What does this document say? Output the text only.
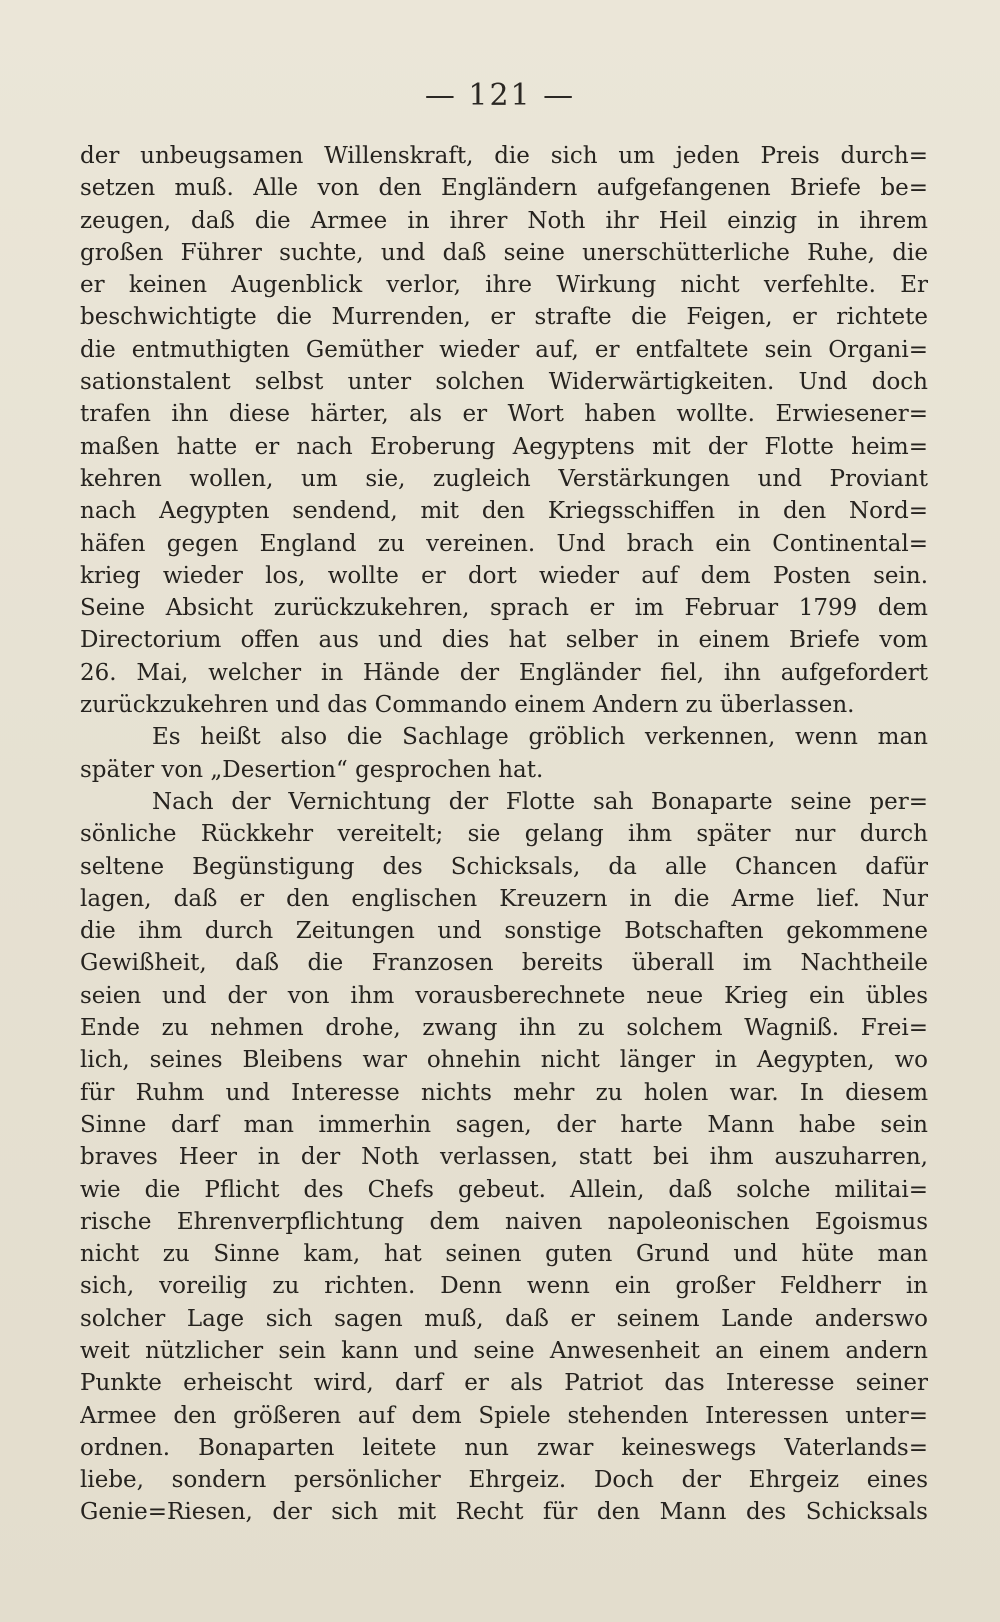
— 121 —
der unbeugsamen Willenskraft, die sich um jeden Preis durch=
setzen muß. Alle von den Engländern aufgefangenen Briefe be=
zeugen, daß die Armee in ihrer Noth ihr Heil einzig in ihrem
großen Führer suchte, und daß seine unerschütterliche Ruhe, die
er keinen Augenblick verlor, ihre Wirkung nicht verfehlte. Er
beschwichtigte die Murrenden, er strafte die Feigen, er richtete
die entmuthigten Gemüther wieder auf, er entfaltete sein Organi=
sationstalent selbst unter solchen Widerwärtigkeiten. Und doch
trafen ihn diese härter, als er Wort haben wollte. Erwiesener=
maßen hatte er nach Eroberung Aegyptens mit der Flotte heim=
kehren wollen, um sie, zugleich Verstärkungen und Proviant
nach Aegypten sendend, mit den Kriegsschiffen in den Nord=
häfen gegen England zu vereinen. Und brach ein Continental=
krieg wieder los, wollte er dort wieder auf dem Posten sein.
Seine Absicht zurückzukehren, sprach er im Februar 1799 dem
Directorium offen aus und dies hat selber in einem Briefe vom
26. Mai, welcher in Hände der Engländer fiel, ihn aufgefordert
zurückzukehren und das Commando einem Andern zu überlassen.
Es heißt also die Sachlage gröblich verkennen, wenn man
später von „Desertion“ gesprochen hat.
Nach der Vernichtung der Flotte sah Bonaparte seine per=
sönliche Rückkehr vereitelt; sie gelang ihm später nur durch
seltene Begünstigung des Schicksals, da alle Chancen dafür
lagen, daß er den englischen Kreuzern in die Arme lief. Nur
die ihm durch Zeitungen und sonstige Botschaften gekommene
Gewißheit, daß die Franzosen bereits überall im Nachtheile
seien und der von ihm vorausberechnete neue Krieg ein übles
Ende zu nehmen drohe, zwang ihn zu solchem Wagniß. Frei=
lich, seines Bleibens war ohnehin nicht länger in Aegypten, wo
für Ruhm und Interesse nichts mehr zu holen war. In diesem
Sinne darf man immerhin sagen, der harte Mann habe sein
braves Heer in der Noth verlassen, statt bei ihm auszuharren,
wie die Pflicht des Chefs gebeut. Allein, daß solche militai=
rische Ehrenverpflichtung dem naiven napoleonischen Egoismus
nicht zu Sinne kam, hat seinen guten Grund und hüte man
sich, voreilig zu richten. Denn wenn ein großer Feldherr in
solcher Lage sich sagen muß, daß er seinem Lande anderswo
weit nützlicher sein kann und seine Anwesenheit an einem andern
Punkte erheischt wird, darf er als Patriot das Interesse seiner
Armee den größeren auf dem Spiele stehenden Interessen unter=
ordnen. Bonaparten leitete nun zwar keineswegs Vaterlands=
liebe, sondern persönlicher Ehrgeiz. Doch der Ehrgeiz eines
Genie=Riesen, der sich mit Recht für den Mann des Schicksals
